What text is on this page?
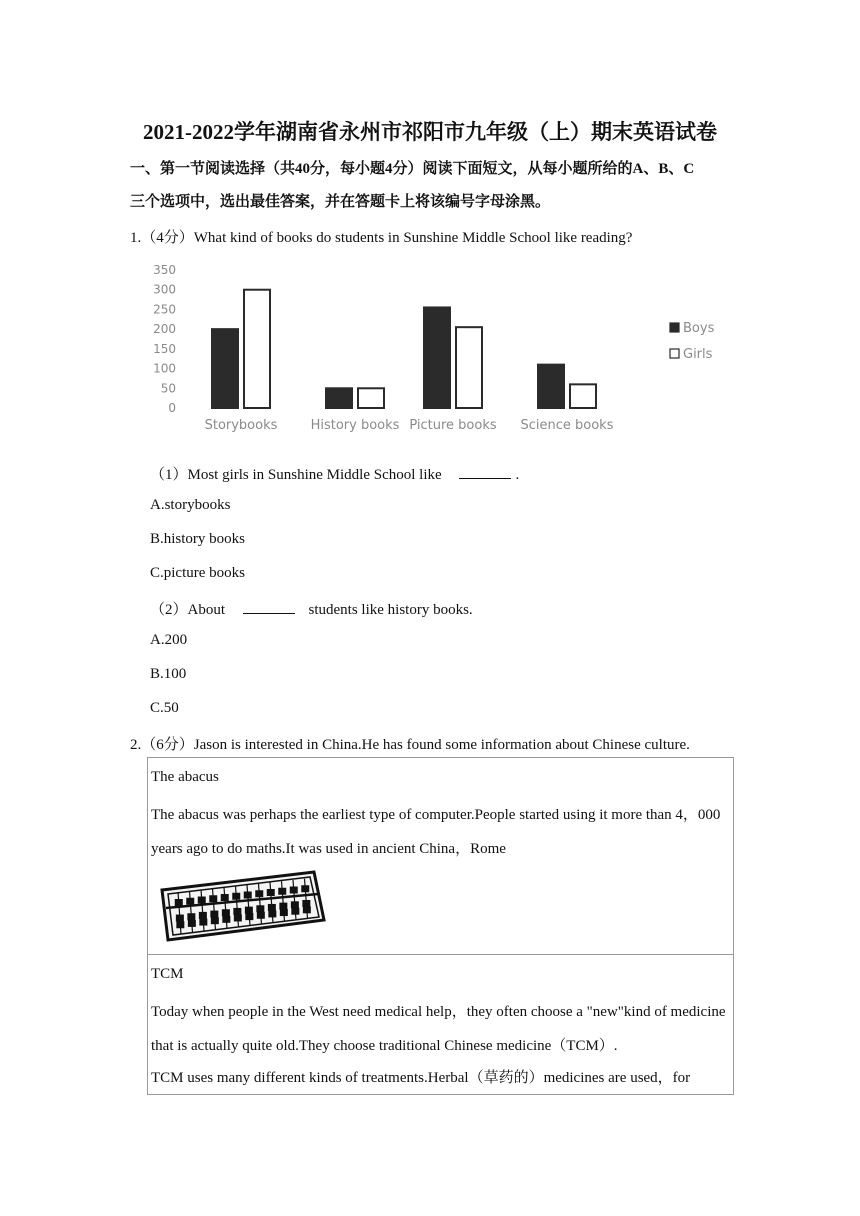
2021-2022学年湖南省永州市祁阳市九年级（上）期末英语试卷
一、第一节阅读选择（共40分，每小题4分）阅读下面短文，从每小题所给的A、B、C
三个选项中，选出最佳答案，并在答题卡上将该编号字母涂黑。
1.（4分）What kind of books do students in Sunshine Middle School like reading?
0
50
100
150
200
250
300
350
Storybooks	History books Picture books Science books
Boys
Girls
（1）Most girls in Sunshine Middle School like	.
A.storybooks
B.history books
C.picture books
（2）About	students like history books.
A.200
B.100
C.50
2.（6分）Jason is interested in China.He has found some information about Chinese culture.
The abacus
The abacus was perhaps the earliest type of computer.People started using it more than 4，000
years ago to do maths.It was used in ancient China，Rome
TCM
Today when people in the West need medical help，they often choose a "new"kind of medicine
that is actually quite old.They choose traditional Chinese medicine（TCM）.
TCM uses many different kinds of treatments.Herbal（草药的）medicines are used，for
